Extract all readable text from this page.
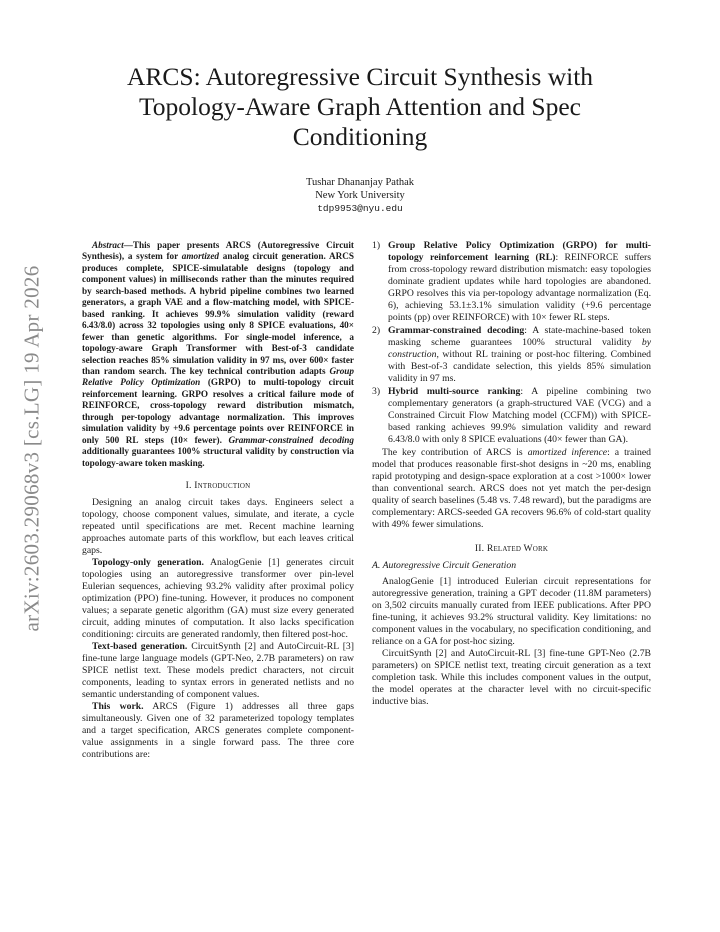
arXiv:2603.29068v3 [cs.LG] 19 Apr 2026
ARCS: Autoregressive Circuit Synthesis with Topology-Aware Graph Attention and Spec Conditioning
Tushar Dhananjay Pathak
New York University
tdp9953@nyu.edu

Abstract—This paper presents ARCS (Autoregressive Circuit Synthesis), a system for amortized analog circuit generation. ARCS produces complete, SPICE-simulatable designs (topology and component values) in milliseconds rather than the minutes required by search-based methods. A hybrid pipeline combines two learned generators, a graph VAE and a flow-matching model, with SPICE-based ranking. It achieves 99.9% simulation validity (reward 6.43/8.0) across 32 topologies using only 8 SPICE evaluations, 40× fewer than genetic algorithms. For single-model inference, a topology-aware Graph Transformer with Best-of-3 candidate selection reaches 85% simulation validity in 97 ms, over 600× faster than random search. The key technical contribution adapts Group Relative Policy Optimization (GRPO) to multi-topology circuit reinforcement learning. GRPO resolves a critical failure mode of REINFORCE, cross-topology reward distribution mismatch, through per-topology advantage normalization. This improves simulation validity by +9.6 percentage points over REINFORCE in only 500 RL steps (10× fewer). Grammar-constrained decoding additionally guarantees 100% structural validity by construction via topology-aware token masking.

I. Introduction

Designing an analog circuit takes days. Engineers select a topology, choose component values, simulate, and iterate, a cycle repeated until specifications are met. Recent machine learning approaches automate parts of this workflow, but each leaves critical gaps.

Topology-only generation. AnalogGenie [1] generates circuit topologies using an autoregressive transformer over pin-level Eulerian sequences, achieving 93.2% validity after proximal policy optimization (PPO) fine-tuning. However, it produces no component values; a separate genetic algorithm (GA) must size every generated circuit, adding minutes of computation. It also lacks specification conditioning: circuits are generated randomly, then filtered post-hoc.

Text-based generation. CircuitSynth [2] and AutoCircuit-RL [3] fine-tune large language models (GPT-Neo, 2.7B parameters) on raw SPICE netlist text. These models predict characters, not circuit components, leading to syntax errors in generated netlists and no semantic understanding of component values.

This work. ARCS (Figure 1) addresses all three gaps simultaneously. Given one of 32 parameterized topology templates and a target specification, ARCS generates complete component-value assignments in a single forward pass. The three core contributions are:

1) Group Relative Policy Optimization (GRPO) for multi-topology reinforcement learning (RL): REINFORCE suffers from cross-topology reward distribution mismatch: easy topologies dominate gradient updates while hard topologies are abandoned. GRPO resolves this via per-topology advantage normalization (Eq. 6), achieving 53.1±3.1% simulation validity (+9.6 percentage points (pp) over REINFORCE) with 10× fewer RL steps.
2) Grammar-constrained decoding: A state-machine-based token masking scheme guarantees 100% structural validity by construction, without RL training or post-hoc filtering. Combined with Best-of-3 candidate selection, this yields 85% simulation validity in 97 ms.
3) Hybrid multi-source ranking: A pipeline combining two complementary generators (a graph-structured VAE (VCG) and a Constrained Circuit Flow Matching model (CCFM)) with SPICE-based ranking achieves 99.9% simulation validity and reward 6.43/8.0 with only 8 SPICE evaluations (40× fewer than GA).

The key contribution of ARCS is amortized inference: a trained model that produces reasonable first-shot designs in ~20 ms, enabling rapid prototyping and design-space exploration at a cost >1000× lower than conventional search. ARCS does not yet match the per-design quality of search baselines (5.48 vs. 7.48 reward), but the paradigms are complementary: ARCS-seeded GA recovers 96.6% of cold-start quality with 49% fewer simulations.

II. Related Work
A. Autoregressive Circuit Generation

AnalogGenie [1] introduced Eulerian circuit representations for autoregressive generation, training a GPT decoder (11.8M parameters) on 3,502 circuits manually curated from IEEE publications. After PPO fine-tuning, it achieves 93.2% structural validity. Key limitations: no component values in the vocabulary, no specification conditioning, and reliance on a GA for post-hoc sizing.

CircuitSynth [2] and AutoCircuit-RL [3] fine-tune GPT-Neo (2.7B parameters) on SPICE netlist text, treating circuit generation as a text completion task. While this includes component values in the output, the model operates at the character level with no circuit-specific inductive bias.
